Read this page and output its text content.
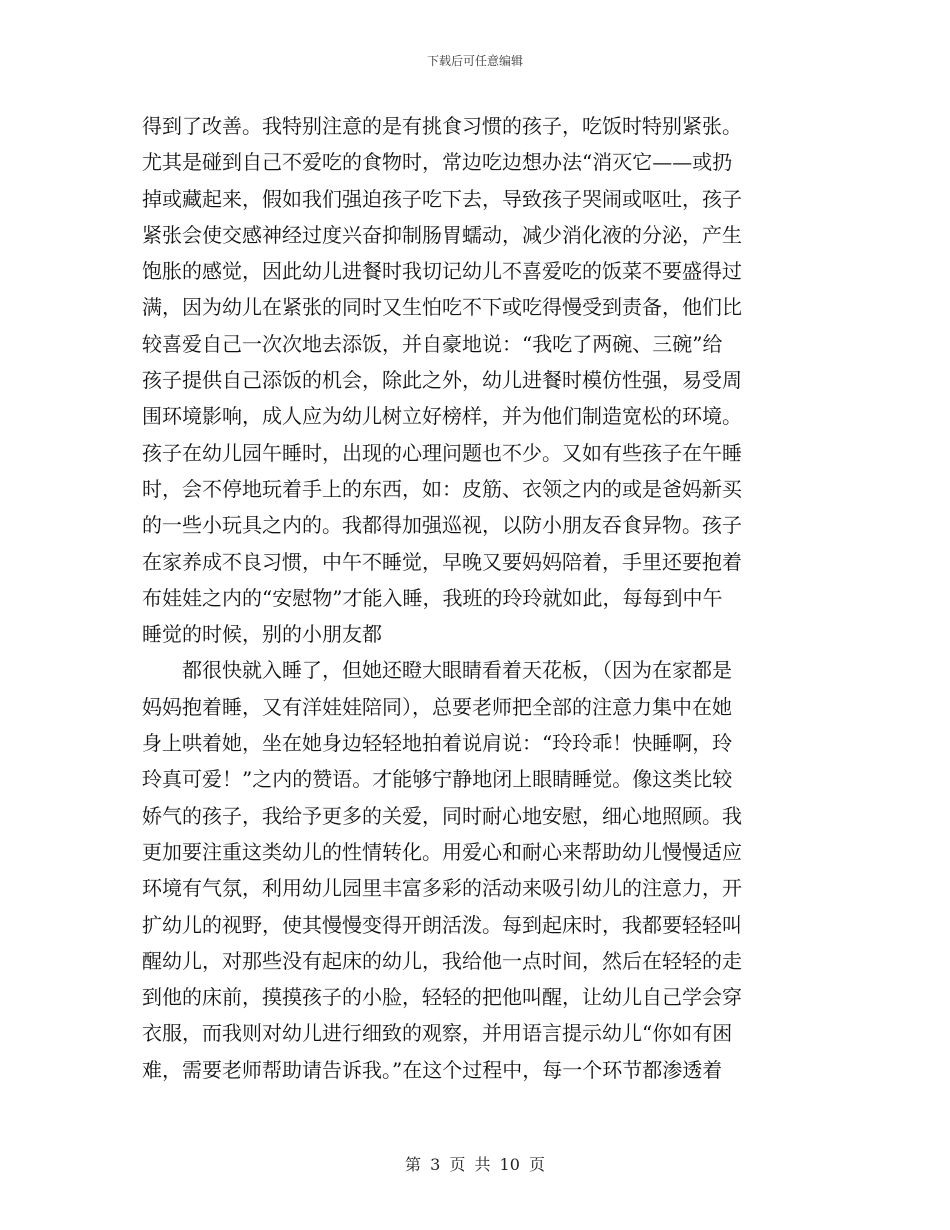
下载后可任意编辑

得到了改善。我特别注意的是有挑食习惯的孩子，吃饭时特别紧张。
尤其是碰到自己不爱吃的食物时，常边吃边想办法“消灭它——或扔
掉或藏起来，假如我们强迫孩子吃下去，导致孩子哭闹或呕吐，孩子
紧张会使交感神经过度兴奋抑制肠胃蠕动，减少消化液的分泌，产生
饱胀的感觉，因此幼儿进餐时我切记幼儿不喜爱吃的饭菜不要盛得过
满，因为幼儿在紧张的同时又生怕吃不下或吃得慢受到责备，他们比
较喜爱自己一次次地去添饭，并自豪地说：“我吃了两碗、三碗”给
孩子提供自己添饭的机会，除此之外，幼儿进餐时模仿性强，易受周
围环境影响，成人应为幼儿树立好榜样，并为他们制造宽松的环境。
孩子在幼儿园午睡时，出现的心理问题也不少。又如有些孩子在午睡
时，会不停地玩着手上的东西，如：皮筋、衣领之内的或是爸妈新买
的一些小玩具之内的。我都得加强巡视，以防小朋友吞食异物。孩子
在家养成不良习惯，中午不睡觉，早晚又要妈妈陪着，手里还要抱着
布娃娃之内的“安慰物”才能入睡，我班的玲玲就如此，每每到中午
睡觉的时候，别的小朋友都

都很快就入睡了，但她还瞪大眼睛看着天花板，（因为在家都是
妈妈抱着睡，又有洋娃娃陪同），总要老师把全部的注意力集中在她
身上哄着她，坐在她身边轻轻地拍着说肩说：“玲玲乖！快睡啊，玲
玲真可爱！”之内的赞语。才能够宁静地闭上眼睛睡觉。像这类比较
娇气的孩子，我给予更多的关爱，同时耐心地安慰，细心地照顾。我
更加要注重这类幼儿的性情转化。用爱心和耐心来帮助幼儿慢慢适应
环境有气氛，利用幼儿园里丰富多彩的活动来吸引幼儿的注意力，开
扩幼儿的视野，使其慢慢变得开朗活泼。每到起床时，我都要轻轻叫
醒幼儿，对那些没有起床的幼儿，我给他一点时间，然后在轻轻的走
到他的床前，摸摸孩子的小脸，轻轻的把他叫醒，让幼儿自己学会穿
衣服，而我则对幼儿进行细致的观察，并用语言提示幼儿“你如有困
难，需要老师帮助请告诉我。”在这个过程中，每一个环节都渗透着

第 3 页 共 10 页
